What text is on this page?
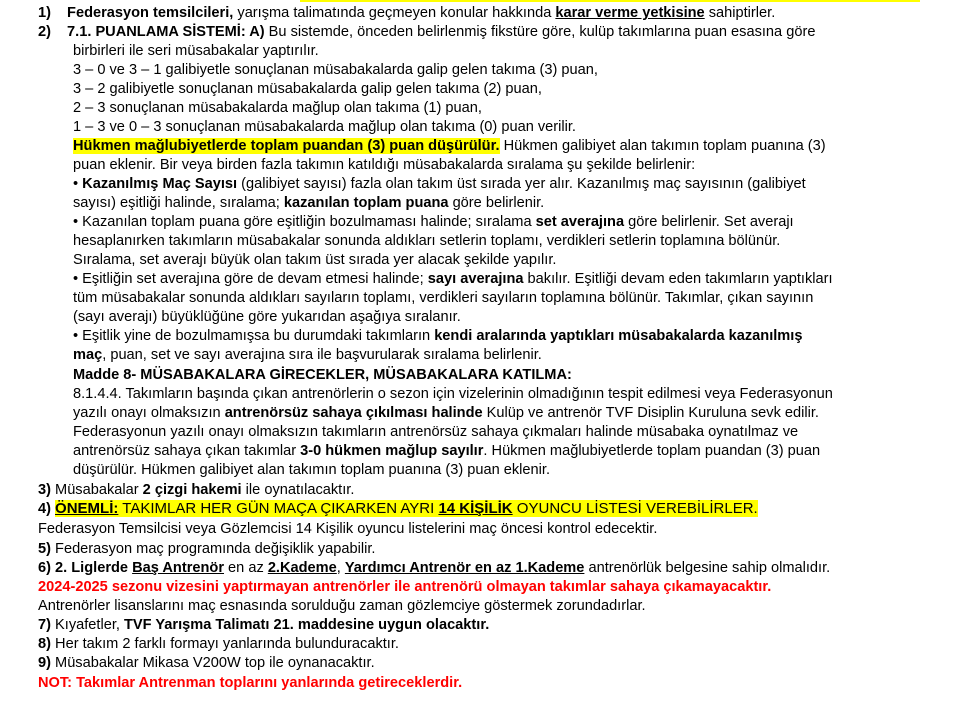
1) Federasyon temsilcileri, yarışma talimatında geçmeyen konular hakkında karar verme yetkisine sahiptirler.
2) 7.1. PUANLAMA SİSTEMİ: A) Bu sistemde, önceden belirlenmiş fikstüre göre, kulüp takımlarına puan esasına göre
birbirleri ile seri müsabakalar yaptırılır.
3 – 0 ve 3 – 1 galibiyetle sonuçlanan müsabakalarda galip gelen takıma (3) puan,
3 – 2 galibiyetle sonuçlanan müsabakalarda galip gelen takıma (2) puan,
2 – 3 sonuçlanan müsabakalarda mağlup olan takıma (1) puan,
1 – 3 ve 0 – 3 sonuçlanan müsabakalarda mağlup olan takıma (0) puan verilir.
Hükmen mağlubiyetlerde toplam puandan (3) puan düşürülür. Hükmen galibiyet alan takımın toplam puanına (3)
puan eklenir. Bir veya birden fazla takımın katıldığı müsabakalarda sıralama şu şekilde belirlenir:
• Kazanılmış Maç Sayısı (galibiyet sayısı) fazla olan takım üst sırada yer alır. Kazanılmış maç sayısının (galibiyet
sayısı) eşitliği halinde, sıralama; kazanılan toplam puana göre belirlenir.
• Kazanılan toplam puana göre eşitliğin bozulmaması halinde; sıralama set averajına göre belirlenir. Set averajı
hesaplanırken takımların müsabakalar sonunda aldıkları setlerin toplamı, verdikleri setlerin toplamına bölünür.
Sıralama, set averajı büyük olan takım üst sırada yer alacak şekilde yapılır.
• Eşitliğin set averajına göre de devam etmesi halinde; sayı averajına bakılır. Eşitliği devam eden takımların yaptıkları
tüm müsabakalar sonunda aldıkları sayıların toplamı, verdikleri sayıların toplamına bölünür. Takımlar, çıkan sayının
(sayı averajı) büyüklüğüne göre yukarıdan aşağıya sıralanır.
• Eşitlik yine de bozulmamışsa bu durumdaki takımların kendi aralarında yaptıkları müsabakalarda kazanılmış
maç, puan, set ve sayı averajına sıra ile başvurularak sıralama belirlenir.
Madde 8- MÜSABAKALARA GİRECEKLER, MÜSABAKALARA KATILMA:
8.1.4.4. Takımların başında çıkan antrenörlerin o sezon için vizelerinin olmadığının tespit edilmesi veya Federasyonun
yazılı onayı olmaksızın antrenörsüz sahaya çıkılması halinde Kulüp ve antrenör TVF Disiplin Kuruluna sevk edilir.
Federasyonun yazılı onayı olmaksızın takımların antrenörsüz sahaya çıkmaları halinde müsabaka oynatılmaz ve
antrenörsüz sahaya çıkan takımlar 3-0 hükmen mağlup sayılır. Hükmen mağlubiyetlerde toplam puandan (3) puan
düşürülür. Hükmen galibiyet alan takımın toplam puanına (3) puan eklenir.
3) Müsabakalar 2 çizgi hakemi ile oynatılacaktır.
4) ÖNEMLİ: TAKIMLAR HER GÜN MAÇA ÇIKARKEN AYRI 14 KİŞİLİK OYUNCU LİSTESİ VEREBİLİRLER.
Federasyon Temsilcisi veya Gözlemcisi 14 Kişilik oyuncu listelerini maç öncesi kontrol edecektir.
5) Federasyon maç programında değişiklik yapabilir.
6) 2. Liglerde Baş Antrenör en az 2.Kademe, Yardımcı Antrenör en az 1.Kademe antrenörlük belgesine sahip olmalıdır.
2024-2025 sezonu vizesini yaptırmayan antrenörler ile antrenörü olmayan takımlar sahaya çıkamayacaktır.
Antrenörler lisanslarını maç esnasında sorulduğu zaman gözlemciye göstermek zorundadırlar.
7) Kıyafetler, TVF Yarışma Talimatı 21. maddesine uygun olacaktır.
8) Her takım 2 farklı formayı yanlarında bulunduracaktır.
9) Müsabakalar Mikasa V200W top ile oynanacaktır.
NOT: Takımlar Antrenman toplarını yanlarında getireceklerdir.
